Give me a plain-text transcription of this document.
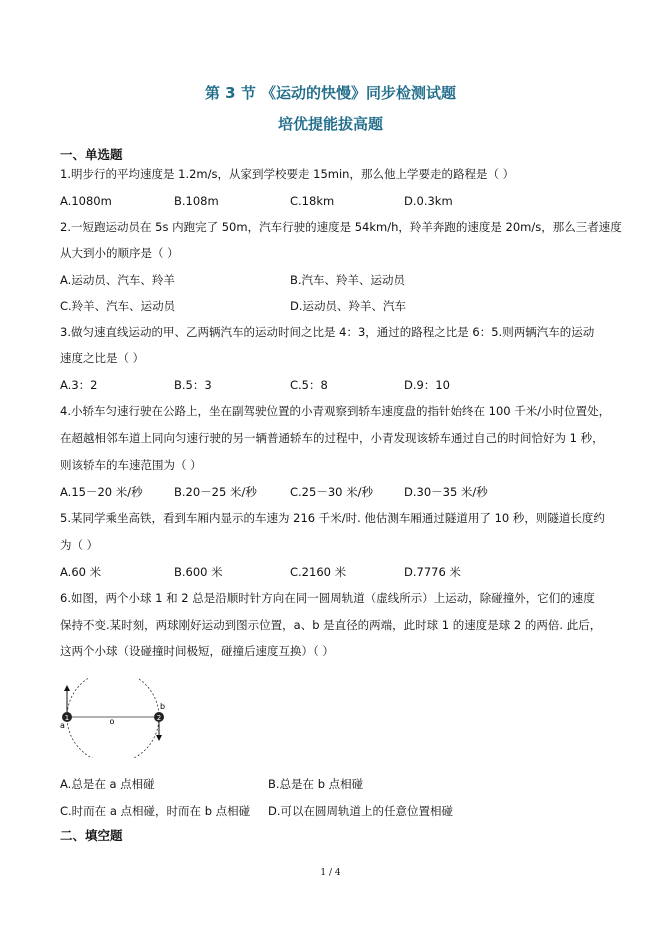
第 3 节 《运动的快慢》同步检测试题
培优提能拔高题
一、单选题
1.明步行的平均速度是 1.2m/s，从家到学校要走 15min，那么他上学要走的路程是（ ）
A.1080m	B.108m	C.18km	D.0.3km
2.一短跑运动员在 5s 内跑完了 50m，汽车行驶的速度是 54km/h，羚羊奔跑的速度是 20m/s，那么三者速度
从大到小的顺序是（ ）
A.运动员、汽车、羚羊	B.汽车、羚羊、运动员
C.羚羊、汽车、运动员	D.运动员、羚羊、汽车
3.做匀速直线运动的甲、乙两辆汽车的运动时间之比是 4：3，通过的路程之比是 6：5.则两辆汽车的运动
速度之比是（ ）
A.3：2	B.5：3	C.5：8	D.9：10
4.小轿车匀速行驶在公路上，坐在副驾驶位置的小青观察到轿车速度盘的指针始终在 100 千米/小时位置处，
在超越相邻车道上同向匀速行驶的另一辆普通轿车的过程中，小青发现该轿车通过自己的时间恰好为 1 秒，
则该轿车的车速范围为（ ）
A.15－20 米/秒	B.20－25 米/秒	C.25－30 米/秒	D.30－35 米/秒
5.某同学乘坐高铁，看到车厢内显示的车速为 216 千米/时. 他估测车厢通过隧道用了 10 秒，则隧道长度约
为（ ）
A.60 米	B.600 米	C.2160 米	D.7776 米
6.如图，两个小球 1 和 2 总是沿顺时针方向在同一圆周轨道（虚线所示）上运动，除碰撞外，它们的速度
保持不变.某时刻，两球刚好运动到图示位置，a、b 是直径的两端，此时球 1 的速度是球 2 的两倍. 此后，
这两个小球（设碰撞时间极短，碰撞后速度互换）（ ）
1	2
a
b
o
A.总是在 a 点相碰	B.总是在 b 点相碰
C.时而在 a 点相碰，时而在 b 点相碰 D.可以在圆周轨道上的任意位置相碰
二、填空题
1 / 4
